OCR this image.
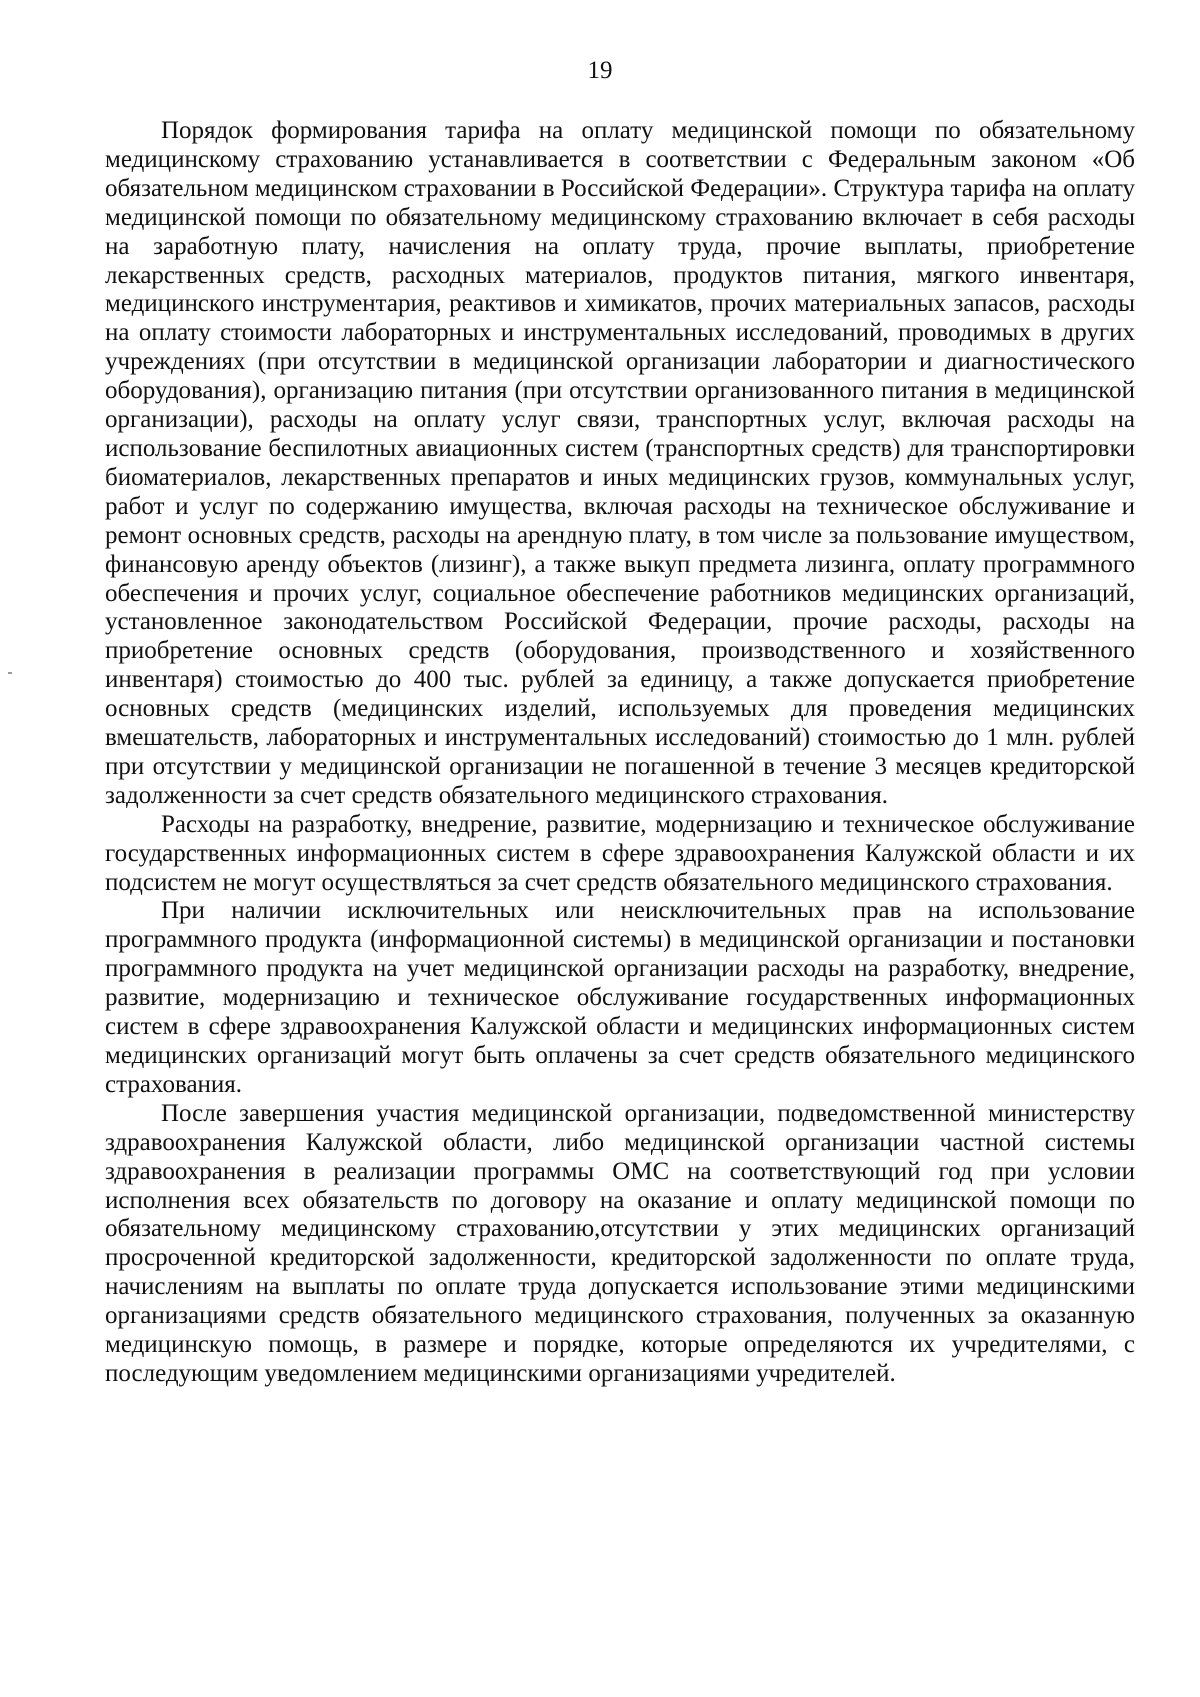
19

Порядок формирования тарифа на оплату медицинской помощи по обязательному медицинскому страхованию устанавливается в соответствии с Федеральным законом «Об обязательном медицинском страховании в Российской Федерации». Структура тарифа на оплату медицинской помощи по обязательному медицинскому страхованию включает в себя расходы на заработную плату, начисления на оплату труда, прочие выплаты, приобретение лекарственных средств, расходных материалов, продуктов питания, мягкого инвентаря, медицинского инструментария, реактивов и химикатов, прочих материальных запасов, расходы на оплату стоимости лабораторных и инструментальных исследований, проводимых в других учреждениях (при отсутствии в медицинской организации лаборатории и диагностического оборудования), организацию питания (при отсутствии организованного питания в медицинской организации), расходы на оплату услуг связи, транспортных услуг, включая расходы на использование беспилотных авиационных систем (транспортных средств) для транспортировки биоматериалов, лекарственных препаратов и иных медицинских грузов, коммунальных услуг, работ и услуг по содержанию имущества, включая расходы на техническое обслуживание и ремонт основных средств, расходы на арендную плату, в том числе за пользование имуществом, финансовую аренду объектов (лизинг), а также выкуп предмета лизинга, оплату программного обеспечения и прочих услуг, социальное обеспечение работников медицинских организаций, установленное законодательством Российской Федерации, прочие расходы, расходы на приобретение основных средств (оборудования, производственного и хозяйственного инвентаря) стоимостью до 400 тыс. рублей за единицу, а также допускается приобретение основных средств (медицинских изделий, используемых для проведения медицинских вмешательств, лабораторных и инструментальных исследований) стоимостью до 1 млн. рублей при отсутствии у медицинской организации не погашенной в течение 3 месяцев кредиторской задолженности за счет средств обязательного медицинского страхования.

Расходы на разработку, внедрение, развитие, модернизацию и техническое обслуживание государственных информационных систем в сфере здравоохранения Калужской области и их подсистем не могут осуществляться за счет средств обязательного медицинского страхования.

При наличии исключительных или неисключительных прав на использование программного продукта (информационной системы) в медицинской организации и постановки программного продукта на учет медицинской организации расходы на разработку, внедрение, развитие, модернизацию и техническое обслуживание государственных информационных систем в сфере здравоохранения Калужской области и медицинских информационных систем медицинских организаций могут быть оплачены за счет средств обязательного медицинского страхования.

После завершения участия медицинской организации, подведомственной министерству здравоохранения Калужской области, либо медицинской организации частной системы здравоохранения в реализации программы ОМС на соответствующий год при условии исполнения всех обязательств по договору на оказание и оплату медицинской помощи по обязательному медицинскому страхованию,отсутствии у этих медицинских организаций просроченной кредиторской задолженности, кредиторской задолженности по оплате труда, начислениям на выплаты по оплате труда допускается использование этими медицинскими организациями средств обязательного медицинского страхования, полученных за оказанную медицинскую помощь, в размере и порядке, которые определяются их учредителями, с последующим уведомлением медицинскими организациями учредителей.
